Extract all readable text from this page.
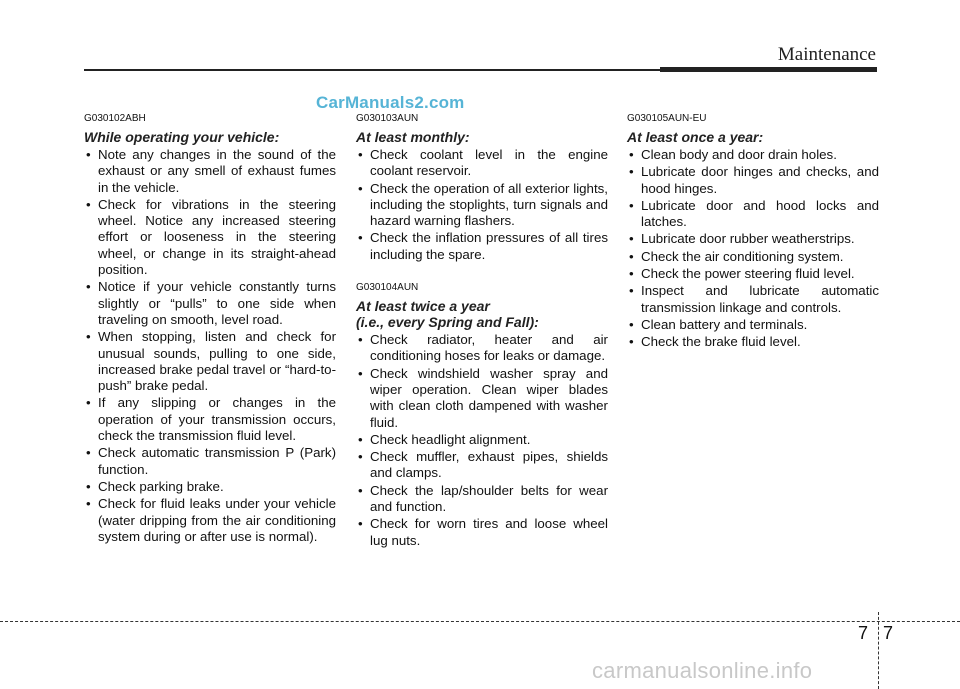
Maintenance
CarManuals2.com
G030102ABH
While operating your vehicle:
• Note any changes in the sound of the exhaust or any smell of exhaust fumes in the vehicle.
• Check for vibrations in the steering wheel. Notice any increased steering effort or looseness in the steering wheel, or change in its straight-ahead position.
• Notice if your vehicle constantly turns slightly or “pulls” to one side when traveling on smooth, level road.
• When stopping, listen and check for unusual sounds, pulling to one side, increased brake pedal travel or “hard-to-push” brake pedal.
• If any slipping or changes in the operation of your transmission occurs, check the transmission fluid level.
• Check automatic transmission P (Park) function.
• Check parking brake.
• Check for fluid leaks under your vehicle (water dripping from the air conditioning system during or after use is normal).
G030103AUN
At least monthly:
• Check coolant level in the engine coolant reservoir.
• Check the operation of all exterior lights, including the stoplights, turn signals and hazard warning flashers.
• Check the inflation pressures of all tires including the spare.
G030104AUN
At least twice a year
(i.e., every Spring and Fall):
• Check radiator, heater and air conditioning hoses for leaks or damage.
• Check windshield washer spray and wiper operation. Clean wiper blades with clean cloth dampened with washer fluid.
• Check headlight alignment.
• Check muffler, exhaust pipes, shields and clamps.
• Check the lap/shoulder belts for wear and function.
• Check for worn tires and loose wheel lug nuts.
G030105AUN-EU
At least once a year:
• Clean body and door drain holes.
• Lubricate door hinges and checks, and hood hinges.
• Lubricate door and hood locks and latches.
• Lubricate door rubber weatherstrips.
• Check the air conditioning system.
• Check the power steering fluid level.
• Inspect and lubricate automatic transmission linkage and controls.
• Clean battery and terminals.
• Check the brake fluid level.
7 7
carmanualsonline.info
